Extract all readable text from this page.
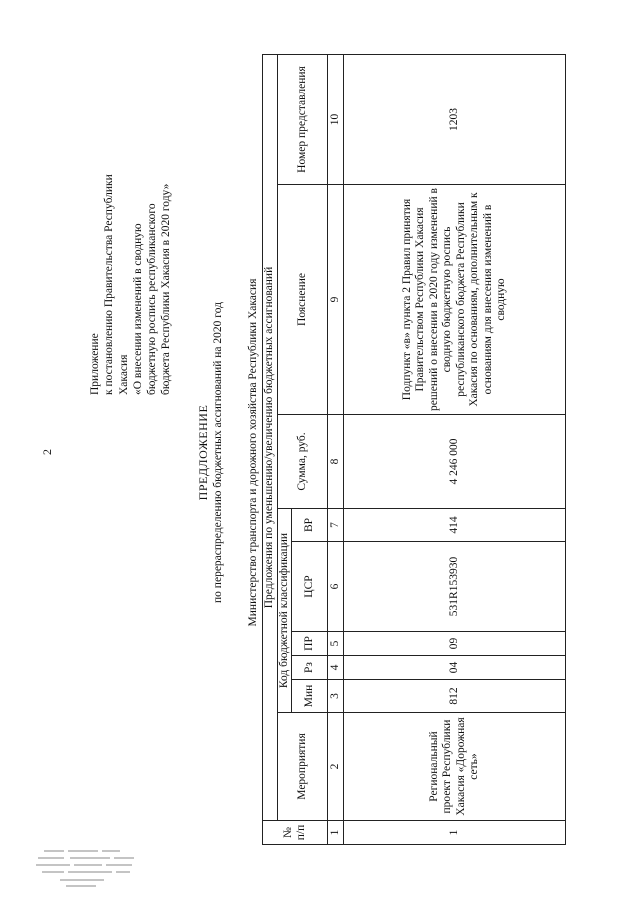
2
Приложение к постановлению Правительства Республики Хакасия «О внесении изменений в сводную бюджетную роспись республиканского бюджета Республики Хакасия в 2020 году»
ПРЕДЛОЖЕНИЕ по перераспределению бюджетных ассигнований на 2020 год Министерство транспорта и дорожного хозяйства Республики Хакасия
№ п/п	Предложения по уменьшению/увеличению бюджетных ассигнований								
	Мероприятия	Код бюджетной классификации					Сумма, руб.	Пояснение	Номер представления
		Мин	Рз	ПР	ЦСР	ВР			
1	2	3	4	5	6	7	8	9	10
1	Региональный проект Республики Хакасия «Дорожная сеть»	812	04	09	531R153930	414	4 246 000	Подпункт «в» пункта 2 Правил принятия Правительством Республики Хакасия решений о внесении в 2020 году изменений в сводную бюджетную роспись республиканского бюджета Республики Хакасия по основаниям, дополнительным к основаниям для внесения изменений в сводную	1203
